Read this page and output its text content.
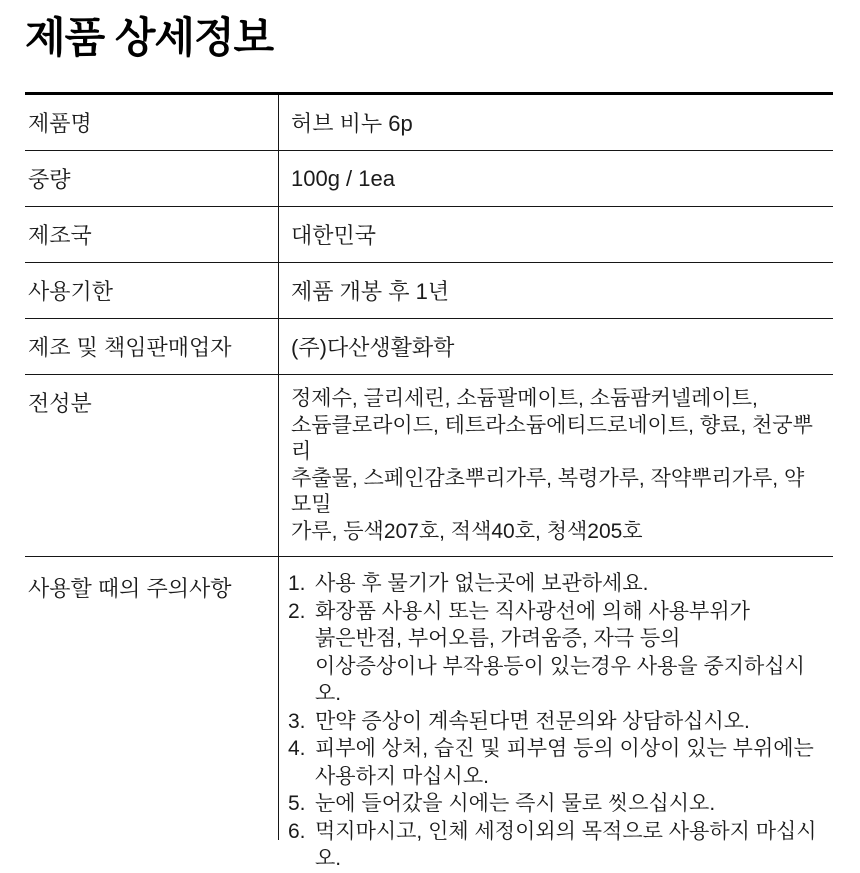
제품 상세정보
제품명	허브 비누 6p
중량	100g / 1ea
제조국	대한민국
사용기한	제품 개봉 후 1년
제조 및 책임판매업자	(주)다산생활화학
전성분	정제수, 글리세린, 소듐팔메이트, 소듐팜커넬레이트,
소듐클로라이드, 테트라소듐에티드로네이트, 향료, 천궁뿌리
추출물, 스페인감초뿌리가루, 복령가루, 작약뿌리가루, 약모밀
가루, 등색207호, 적색40호, 청색205호
사용할 때의 주의사항	1. 사용 후 물기가 없는곳에 보관하세요.
2. 화장품 사용시 또는 직사광선에 의해 사용부위가
붉은반점, 부어오름, 가려움증, 자극 등의
이상증상이나 부작용등이 있는경우 사용을 중지하십시오.
3. 만약 증상이 계속된다면 전문의와 상담하십시오.
4. 피부에 상처, 습진 및 피부염 등의 이상이 있는 부위에는
사용하지 마십시오.
5. 눈에 들어갔을 시에는 즉시 물로 씻으십시오.
6. 먹지마시고, 인체 세정이외의 목적으로 사용하지 마십시오.
